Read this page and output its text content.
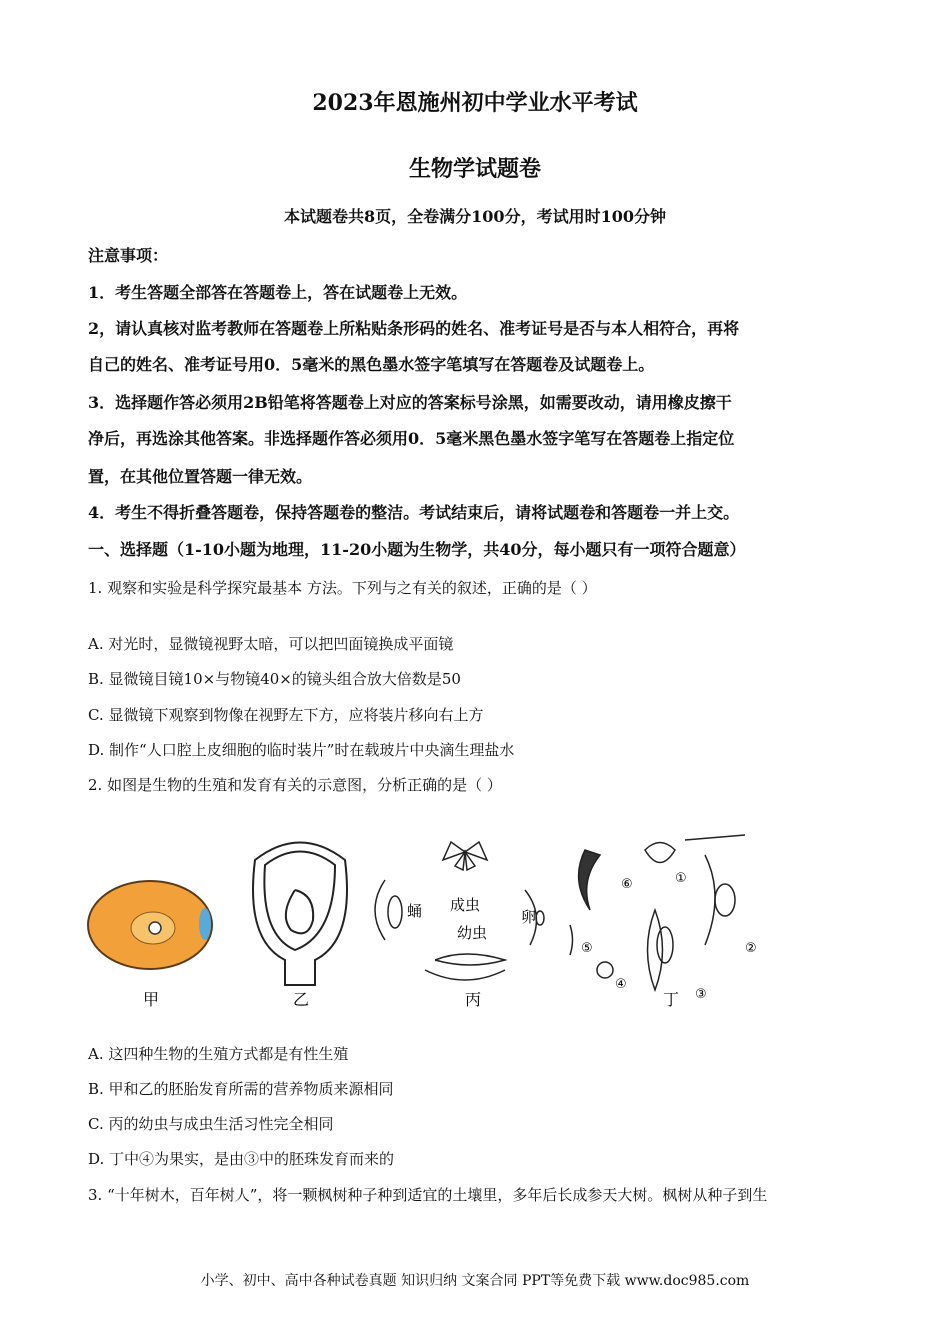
2023年恩施州初中学业水平考试
生物学试题卷
本试题卷共8页，全卷满分100分，考试用时100分钟
注意事项：
1．考生答题全部答在答题卷上，答在试题卷上无效。
2，请认真核对监考教师在答题卷上所粘贴条形码的姓名、准考证号是否与本人相符合，再将
自己的姓名、准考证号用0．5毫米的黑色墨水签字笔填写在答题卷及试题卷上。
3．选择题作答必须用2B铅笔将答题卷上对应的答案标号涂黑，如需要改动，请用橡皮擦干
净后，再选涂其他答案。非选择题作答必须用0．5毫米黑色墨水签字笔写在答题卷上指定位
置，在其他位置答题一律无效。
4．考生不得折叠答题卷，保持答题卷的整洁。考试结束后，请将试题卷和答题卷一并上交。
一、选择题（1-10小题为地理，11-20小题为生物学，共40分，每小题只有一项符合题意）
1. 观察和实验是科学探究最基本 方法。下列与之有关的叙述，正确的是（ ）
A. 对光时，显微镜视野太暗，可以把凹面镜换成平面镜
B. 显微镜目镜10×与物镜40×的镜头组合放大倍数是50
C. 显微镜下观察到物像在视野左下方，应将装片移向右上方
D. 制作“人口腔上皮细胞的临时装片”时在载玻片中央滴生理盐水
2. 如图是生物的生殖和发育有关的示意图，分析正确的是（ ）
甲	乙
蛹 成虫
幼虫
卵
丙
①
②
③
④
⑤
⑥
丁
A. 这四种生物的生殖方式都是有性生殖
B. 甲和乙的胚胎发育所需的营养物质来源相同
C. 丙的幼虫与成虫生活习性完全相同
D. 丁中④为果实，是由③中的胚珠发育而来的
3. “十年树木，百年树人”，将一颗枫树种子种到适宜的土壤里，多年后长成参天大树。枫树从种子到生
小学、初中、高中各种试卷真题 知识归纳 文案合同 PPT等免费下载 www.doc985.com
